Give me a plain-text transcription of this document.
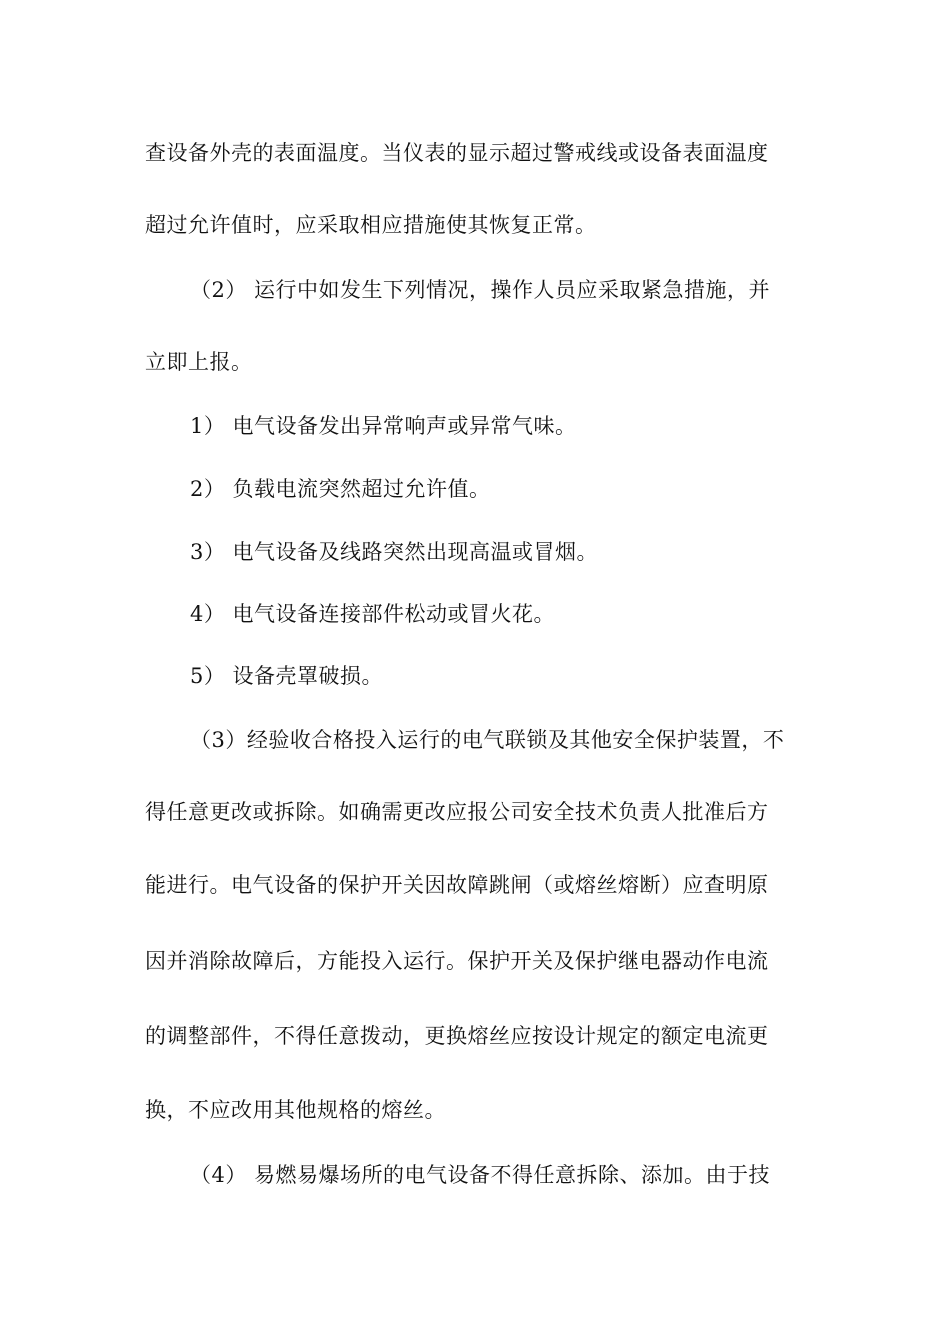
查设备外壳的表面温度。当仪表的显示超过警戒线或设备表面温度
超过允许值时，应采取相应措施使其恢复正常。
（2） 运行中如发生下列情况，操作人员应采取紧急措施，并
立即上报。
1） 电气设备发出异常响声或异常气味。
2） 负载电流突然超过允许值。
3） 电气设备及线路突然出现高温或冒烟。
4） 电气设备连接部件松动或冒火花。
5） 设备壳罩破损。
（3）经验收合格投入运行的电气联锁及其他安全保护装置，不
得任意更改或拆除。如确需更改应报公司安全技术负责人批准后方
能进行。电气设备的保护开关因故障跳闸（或熔丝熔断）应查明原
因并消除故障后，方能投入运行。保护开关及保护继电器动作电流
的调整部件，不得任意拨动，更换熔丝应按设计规定的额定电流更
换，不应改用其他规格的熔丝。
（4） 易燃易爆场所的电气设备不得任意拆除、添加。由于技
